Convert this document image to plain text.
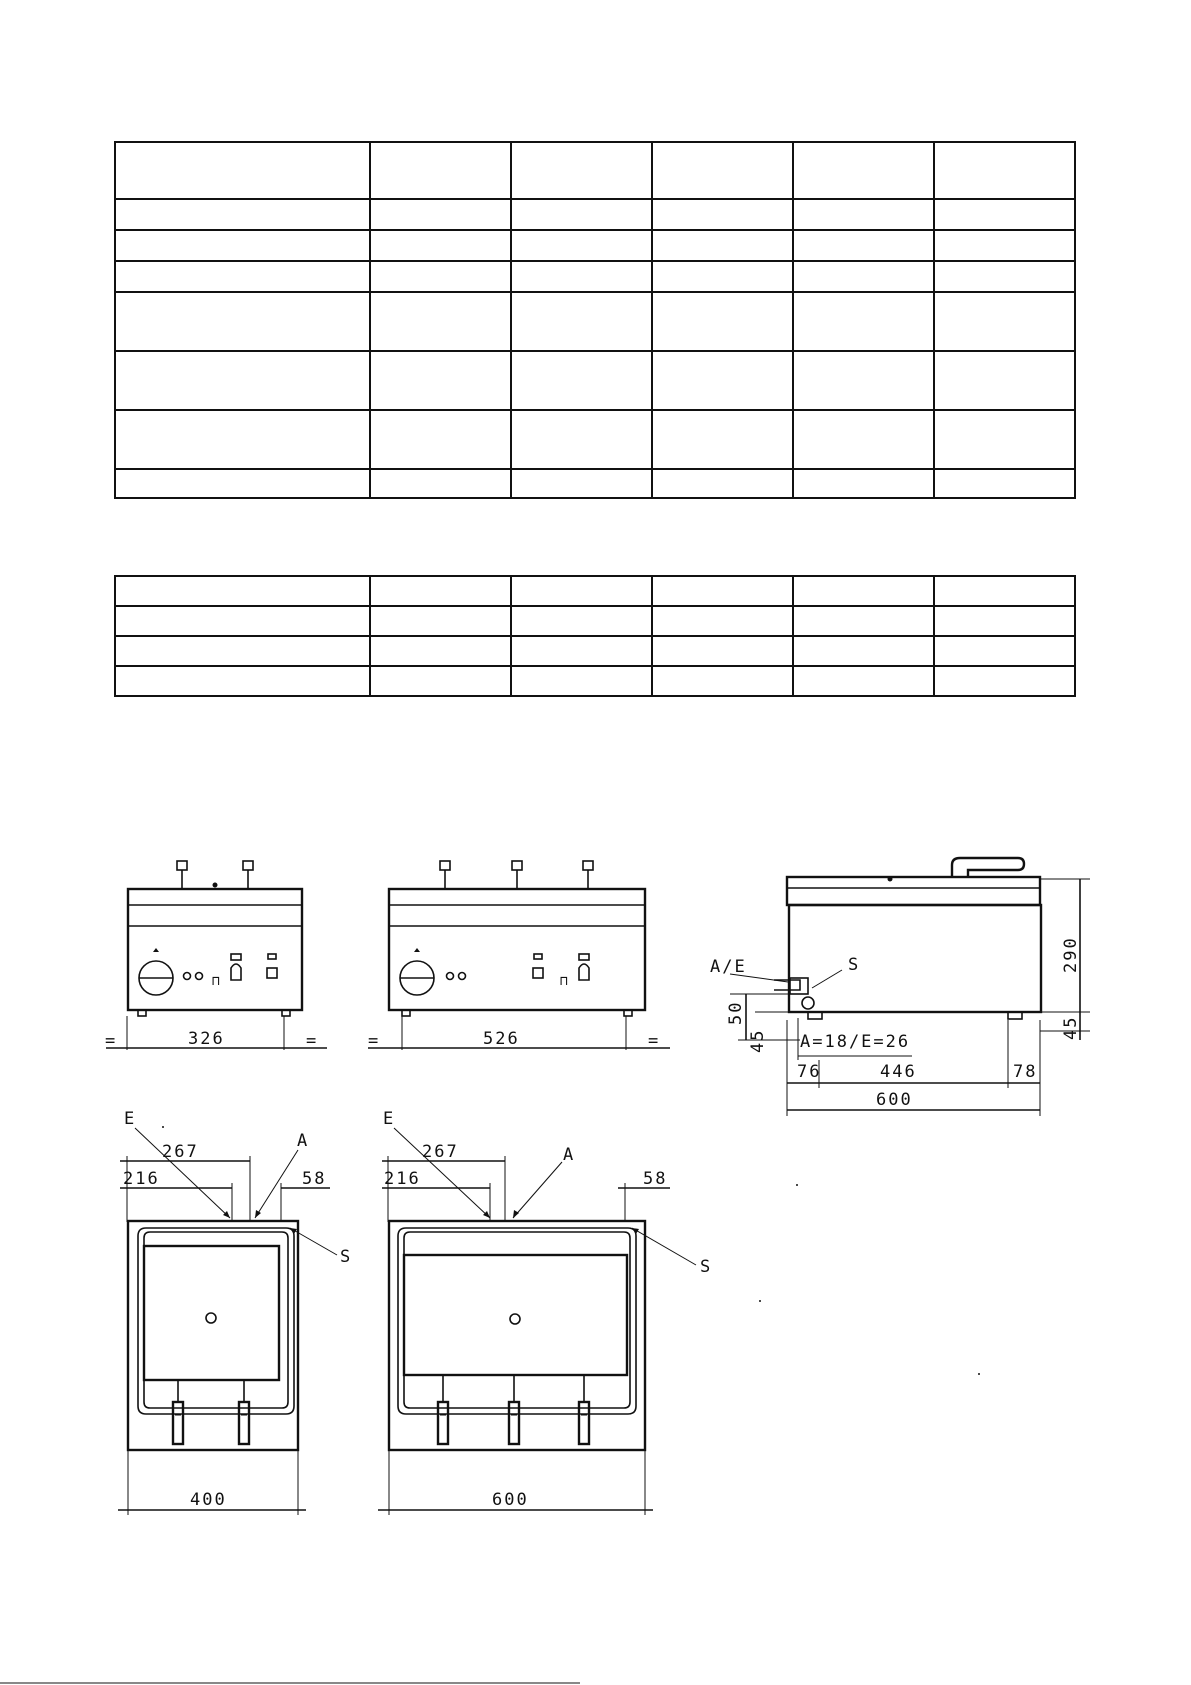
⊓
=	=
326
⊓
=	=
526
A/E	S	290
45
50
45 A=18/E=26
76	446	78
600
267
216	58
E
A
S
400
267
216	58
E
A
S
600
